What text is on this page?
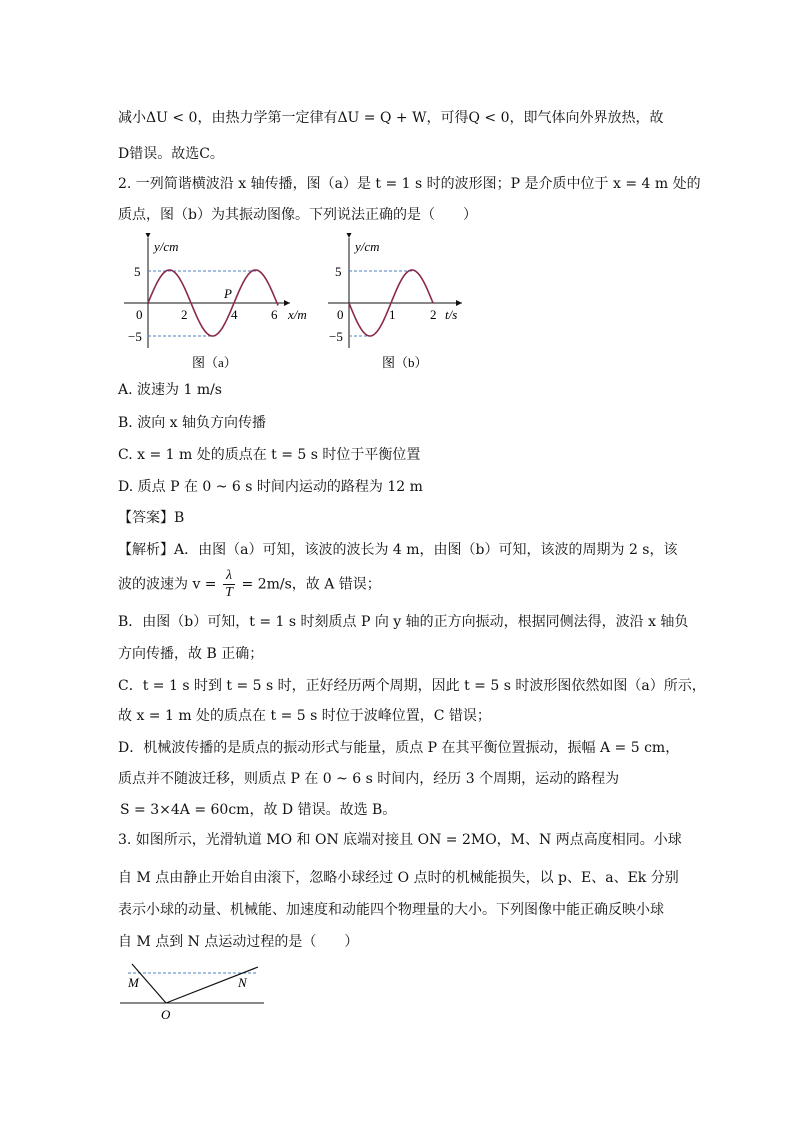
减小ΔU < 0，由热力学第一定律有ΔU = Q + W，可得Q < 0，即气体向外界放热，故
D错误。故选C。
2. 一列简谐横波沿 x 轴传播，图（a）是 t = 1 s 时的波形图；P 是介质中位于 x = 4 m 处的
质点，图（b）为其振动图像。下列说法正确的是（　　）
y/cm
5
−5
0	2	4	6 x/m
P
图（a）
y/cm
5
−5
0	1	2 t/s
图（b）
A. 波速为 1 m/s
B. 波向 x 轴负方向传播
C. x = 1 m 处的质点在 t = 5 s 时位于平衡位置
D. 质点 P 在 0 ~ 6 s 时间内运动的路程为 12 m
【答案】B
【解析】A．由图（a）可知，该波的波长为 4 m，由图（b）可知，该波的周期为 2 s，该
波的波速为 $v = \frac{\lambda}{T} = 2m/s$，故 A 错误；
B．由图（b）可知，t = 1 s 时刻质点 P 向 y 轴的正方向振动，根据同侧法得，波沿 x 轴负
方向传播，故 B 正确；
C．t = 1 s 时到 t = 5 s 时，正好经历两个周期，因此 t = 5 s 时波形图依然如图（a）所示，
故 x = 1 m 处的质点在 t = 5 s 时位于波峰位置，C 错误；
D．机械波传播的是质点的振动形式与能量，质点 P 在其平衡位置振动，振幅 A = 5 cm，
质点并不随波迁移，则质点 P 在 0 ~ 6 s 时间内，经历 3 个周期，运动的路程为
S = 3×4A = 60cm，故 D 错误。故选 B。
3. 如图所示，光滑轨道 MO 和 ON 底端对接且 ON = 2MO，M、N 两点高度相同。小球
自 M 点由静止开始自由滚下，忽略小球经过 O 点时的机械能损失，以 p、E、a、Ek 分别
表示小球的动量、机械能、加速度和动能四个物理量的大小。下列图像中能正确反映小球
自 M 点到 N 点运动过程的是（　　）
M	N
O
